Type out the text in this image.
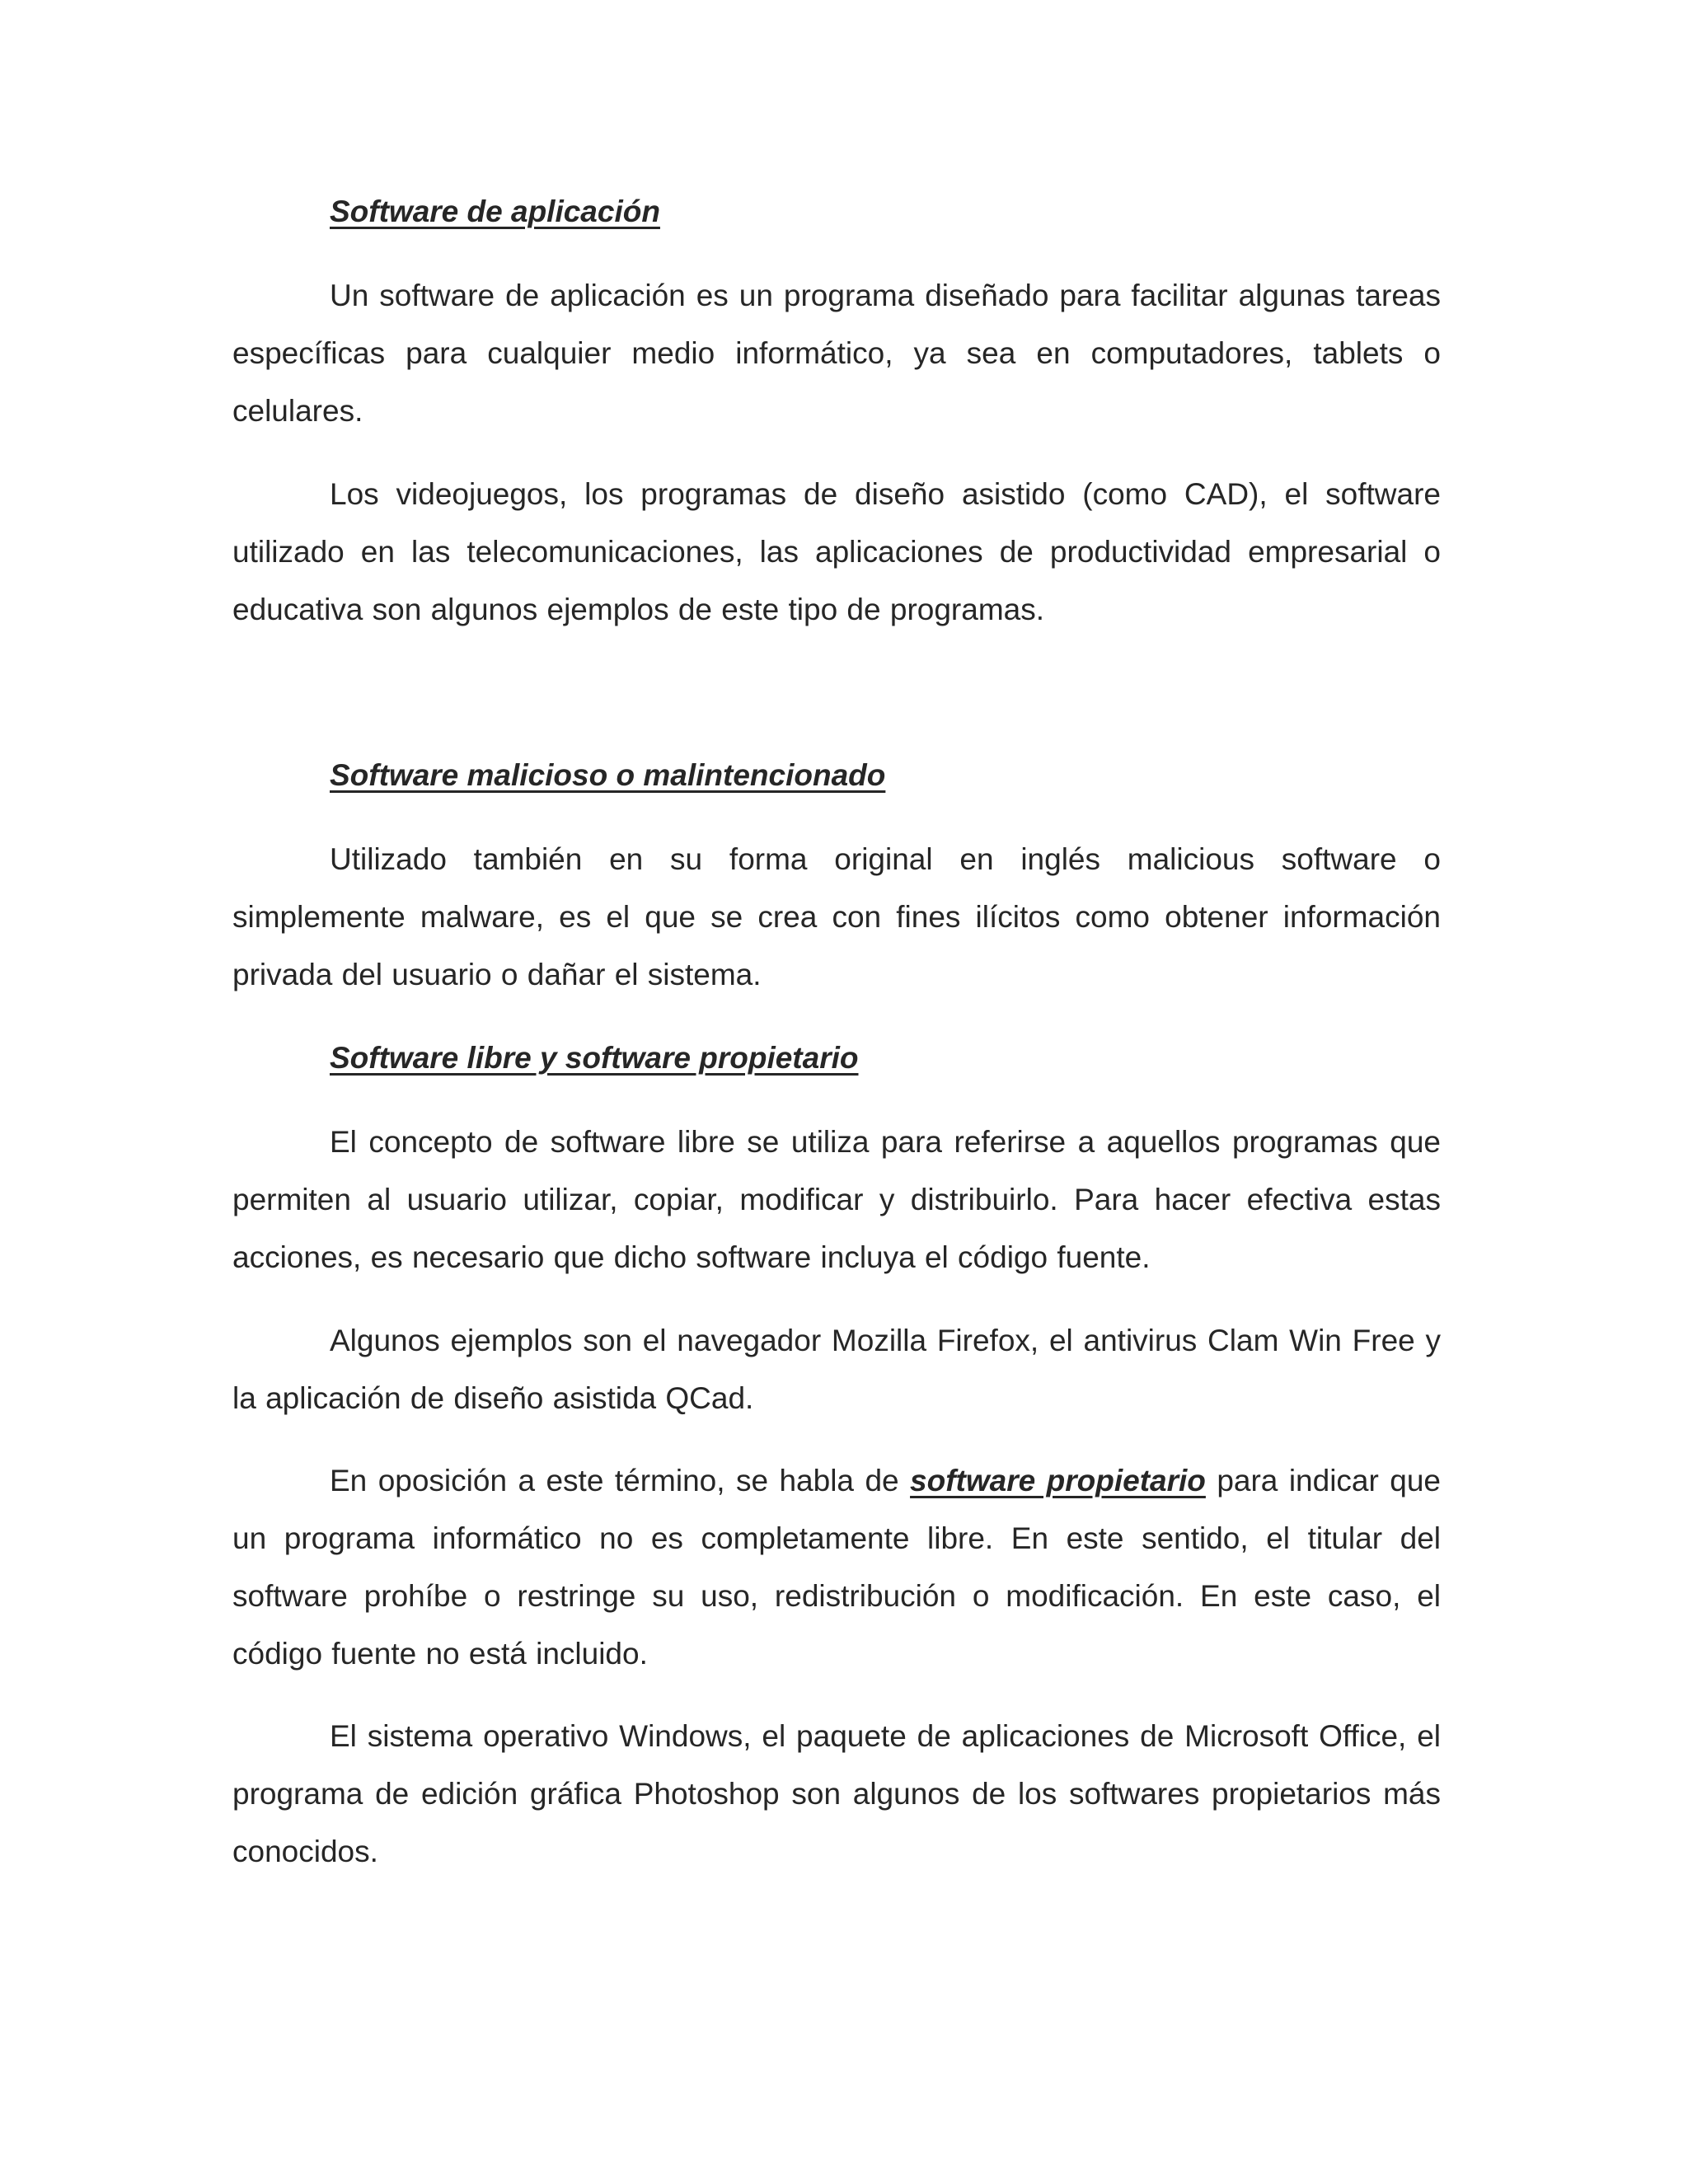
Software de aplicación

Un software de aplicación es un programa diseñado para facilitar algunas tareas específicas para cualquier medio informático, ya sea en computadores, tablets o celulares.

Los videojuegos, los programas de diseño asistido (como CAD), el software utilizado en las telecomunicaciones, las aplicaciones de productividad empresarial o educativa son algunos ejemplos de este tipo de programas.

Software malicioso o malintencionado

Utilizado también en su forma original en inglés malicious software o simplemente malware, es el que se crea con fines ilícitos como obtener información privada del usuario o dañar el sistema.

Software libre y software propietario

El concepto de software libre se utiliza para referirse a aquellos programas que permiten al usuario utilizar, copiar, modificar y distribuirlo. Para hacer efectiva estas acciones, es necesario que dicho software incluya el código fuente.

Algunos ejemplos son el navegador Mozilla Firefox, el antivirus Clam Win Free y la aplicación de diseño asistida QCad.

En oposición a este término, se habla de software propietario para indicar que un programa informático no es completamente libre. En este sentido, el titular del software prohíbe o restringe su uso, redistribución o modificación. En este caso, el código fuente no está incluido.

El sistema operativo Windows, el paquete de aplicaciones de Microsoft Office, el programa de edición gráfica Photoshop son algunos de los softwares propietarios más conocidos.
